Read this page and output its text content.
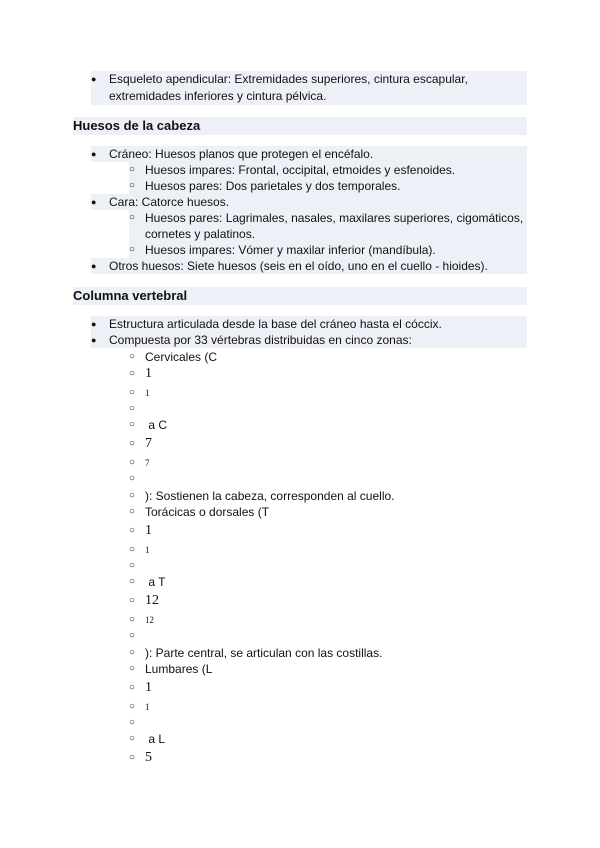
● Esqueleto apendicular: Extremidades superiores, cintura escapular,
extremidades inferiores y cintura pélvica.
Huesos de la cabeza
● Cráneo: Huesos planos que protegen el encéfalo.
○ Huesos impares: Frontal, occipital, etmoides y esfenoides.
○ Huesos pares: Dos parietales y dos temporales.
● Cara: Catorce huesos.
○ Huesos pares: Lagrimales, nasales, maxilares superiores, cigomáticos,
cornetes y palatinos.
○ Huesos impares: Vómer y maxilar inferior (mandíbula).
● Otros huesos: Siete huesos (seis en el oído, uno en el cuello - hioides).
Columna vertebral
● Estructura articulada desde la base del cráneo hasta el cóccix.
● Compuesta por 33 vértebras distribuidas en cinco zonas:
○ Cervicales (C
○ 1
○ 1
○
○ a C
○ 7
○ 7
○
○ ): Sostienen la cabeza, corresponden al cuello.
○ Torácicas o dorsales (T
○ 1
○ 1
○
○ a T
○ 12
○ 12
○
○ ): Parte central, se articulan con las costillas.
○ Lumbares (L
○ 1
○ 1
○
○ a L
○ 5
